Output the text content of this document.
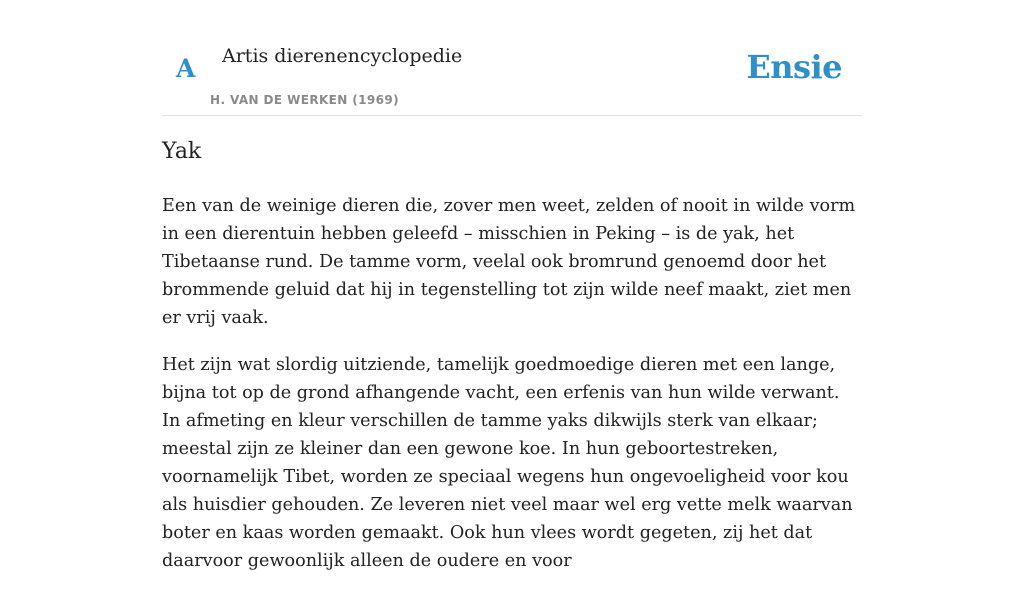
A Artis dierenencyclopedie
H. VAN DE WERKEN (1969)
Ensie
Yak

Een van de weinige dieren die, zover men weet, zelden of nooit in wilde vorm in een dierentuin hebben geleefd – misschien in Peking – is de yak, het Tibetaanse rund. De tamme vorm, veelal ook bromrund genoemd door het brommende geluid dat hij in tegenstelling tot zijn wilde neef maakt, ziet men er vrij vaak.

Het zijn wat slordig uitziende, tamelijk goedmoedige dieren met een lange, bijna tot op de grond afhangende vacht, een erfenis van hun wilde verwant. In afmeting en kleur verschillen de tamme yaks dikwijls sterk van elkaar; meestal zijn ze kleiner dan een gewone koe. In hun geboortestreken, voornamelijk Tibet, worden ze speciaal wegens hun ongevoeligheid voor kou als huisdier gehouden. Ze leveren niet veel maar wel erg vette melk waarvan boter en kaas worden gemaakt. Ook hun vlees wordt gegeten, zij het dat daarvoor gewoonlijk alleen de oudere en voor
